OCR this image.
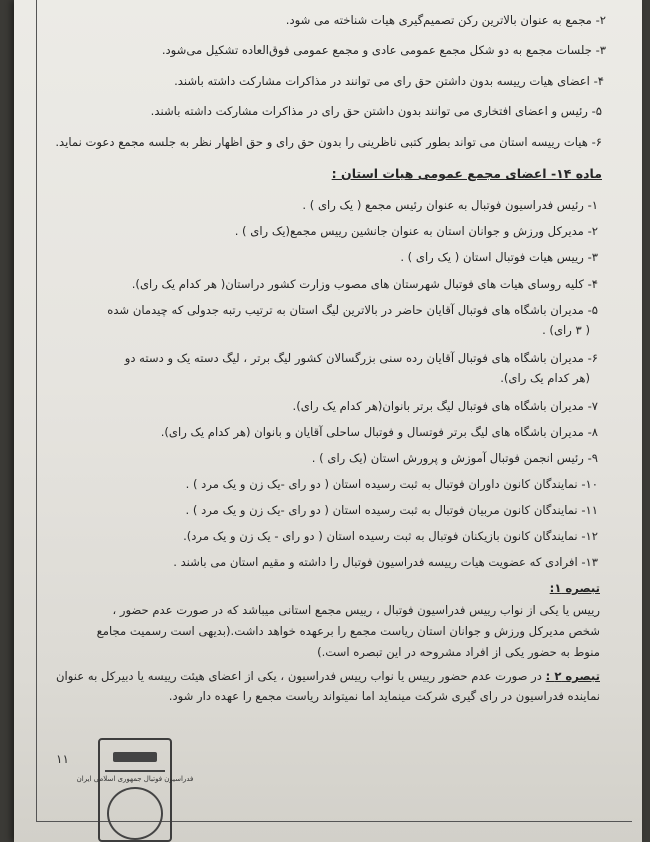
۲- مجمع به عنوان بالاترین رکن تصمیم‌گیری هیات شناخته می شود.
۳- جلسات مجمع به دو شکل مجمع عمومی عادی و مجمع عمومی فوق‌العاده تشکیل می‌شود.
۴- اعضای هیات رییسه بدون داشتن حق رای می توانند در مذاکرات مشارکت داشته باشند.
۵- رئیس و اعضای افتخاری می توانند بدون داشتن حق رای در مذاکرات مشارکت داشته باشند.
۶- هیات رییسه استان می تواند بطور کتبی ناظرینی را بدون حق رای و حق اظهار نظر به جلسه مجمع دعوت نماید.
ماده ۱۴- اعضای مجمع عمومی هیات استان :
۱- رئیس فدراسیون فوتبال به عنوان رئیس مجمع ( یک رای ) .
۲- مدیرکل ورزش و جوانان استان به عنوان جانشین رییس مجمع(یک رای ) .
۳- رییس هیات فوتبال استان ( یک رای ) .
۴- کلیه روسای هیات های فوتبال شهرستان های مصوب وزارت کشور دراستان( هر کدام یک رای).
۵- مدیران باشگاه های فوتبال آقایان حاضر در بالاترین لیگ استان به ترتیب رتبه جدولی که چیدمان شده
( ۳ رای) .
۶- مدیران باشگاه های فوتبال آقایان رده سنی بزرگسالان کشور لیگ برتر ، لیگ دسته یک و دسته دو
(هر کدام یک رای).
۷- مدیران باشگاه های فوتبال لیگ برتر بانوان(هر کدام یک رای).
۸- مدیران باشگاه های لیگ برتر فوتسال و فوتبال ساحلی آقایان و بانوان (هر کدام یک رای).
۹- رئیس انجمن فوتبال آموزش و پرورش استان (یک رای ) .
۱۰- نمایندگان کانون داوران فوتبال به ثبت رسیده استان ( دو رای -یک زن و یک مرد ) .
۱۱- نمایندگان کانون مربیان فوتبال به ثبت رسیده استان ( دو رای -یک زن و یک مرد ) .
۱۲- نمایندگان کانون بازیکنان فوتبال به ثبت رسیده استان ( دو رای - یک زن و یک مرد).
۱۳- افرادی که عضویت هیات رییسه فدراسیون فوتبال را داشته و مقیم استان می باشند .
تبصره ۱:
رییس یا یکی از نواب رییس فدراسیون فوتبال ، رییس مجمع استانی میباشد که در صورت عدم حضور ،
شخص مدیرکل ورزش و جوانان استان ریاست مجمع را برعهده خواهد داشت.(بدیهی است رسمیت مجامع
منوط به حضور یکی از افراد مشروحه در این تبصره است.)
تبصره ۲ : در صورت عدم حضور رییس یا نواب رییس فدراسیون ، یکی از اعضای هیئت رییسه یا دبیرکل به عنوان
نماینده فدراسیون در رای گیری شرکت مینماید اما نمیتواند ریاست مجمع را عهده دار شود.
۱۱
فدراسیون فوتبال جمهوری اسلامی ایران
